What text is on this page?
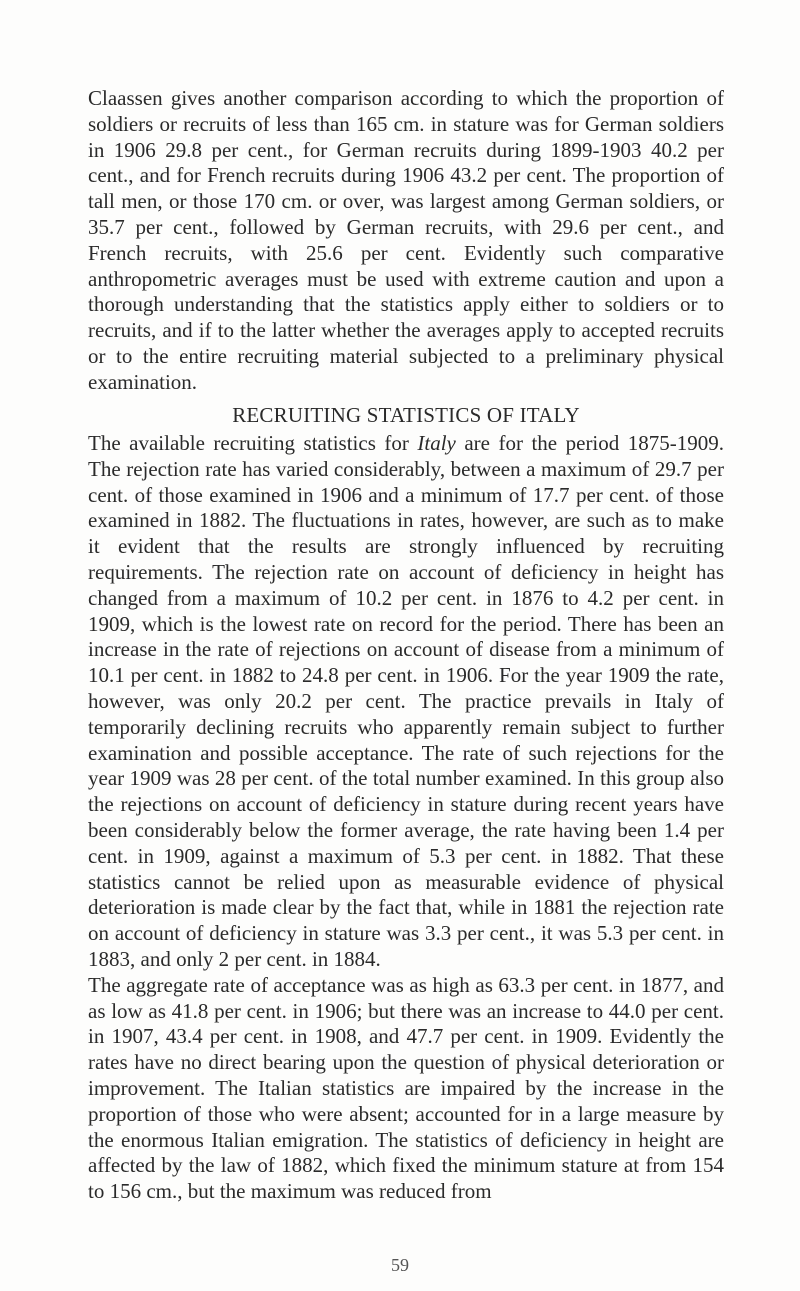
Claassen gives another comparison according to which the proportion of soldiers or recruits of less than 165 cm. in stature was for German soldiers in 1906 29.8 per cent., for German recruits during 1899-1903 40.2 per cent., and for French recruits during 1906 43.2 per cent. The proportion of tall men, or those 170 cm. or over, was largest among German soldiers, or 35.7 per cent., followed by German recruits, with 29.6 per cent., and French recruits, with 25.6 per cent. Evidently such comparative anthropometric averages must be used with extreme caution and upon a thorough understanding that the statistics apply either to soldiers or to recruits, and if to the latter whether the averages apply to accepted recruits or to the entire recruiting material subjected to a preliminary physical examination.

RECRUITING STATISTICS OF ITALY

The available recruiting statistics for Italy are for the period 1875-1909. The rejection rate has varied considerably, between a maximum of 29.7 per cent. of those examined in 1906 and a minimum of 17.7 per cent. of those examined in 1882. The fluctuations in rates, however, are such as to make it evident that the results are strongly influenced by recruiting requirements. The rejection rate on account of deficiency in height has changed from a maximum of 10.2 per cent. in 1876 to 4.2 per cent. in 1909, which is the lowest rate on record for the period. There has been an increase in the rate of rejections on account of disease from a minimum of 10.1 per cent. in 1882 to 24.8 per cent. in 1906. For the year 1909 the rate, however, was only 20.2 per cent. The practice prevails in Italy of temporarily declining recruits who apparently remain subject to further examination and possible acceptance. The rate of such rejections for the year 1909 was 28 per cent. of the total number examined. In this group also the rejections on account of deficiency in stature during recent years have been considerably below the former average, the rate having been 1.4 per cent. in 1909, against a maximum of 5.3 per cent. in 1882. That these statistics cannot be relied upon as measurable evidence of physical deterioration is made clear by the fact that, while in 1881 the rejection rate on account of deficiency in stature was 3.3 per cent., it was 5.3 per cent. in 1883, and only 2 per cent. in 1884.

The aggregate rate of acceptance was as high as 63.3 per cent. in 1877, and as low as 41.8 per cent. in 1906; but there was an increase to 44.0 per cent. in 1907, 43.4 per cent. in 1908, and 47.7 per cent. in 1909. Evidently the rates have no direct bearing upon the question of physical deterioration or improvement. The Italian statistics are impaired by the increase in the proportion of those who were absent; accounted for in a large measure by the enormous Italian emigration. The statistics of deficiency in height are affected by the law of 1882, which fixed the minimum stature at from 154 to 156 cm., but the maximum was reduced from

59
